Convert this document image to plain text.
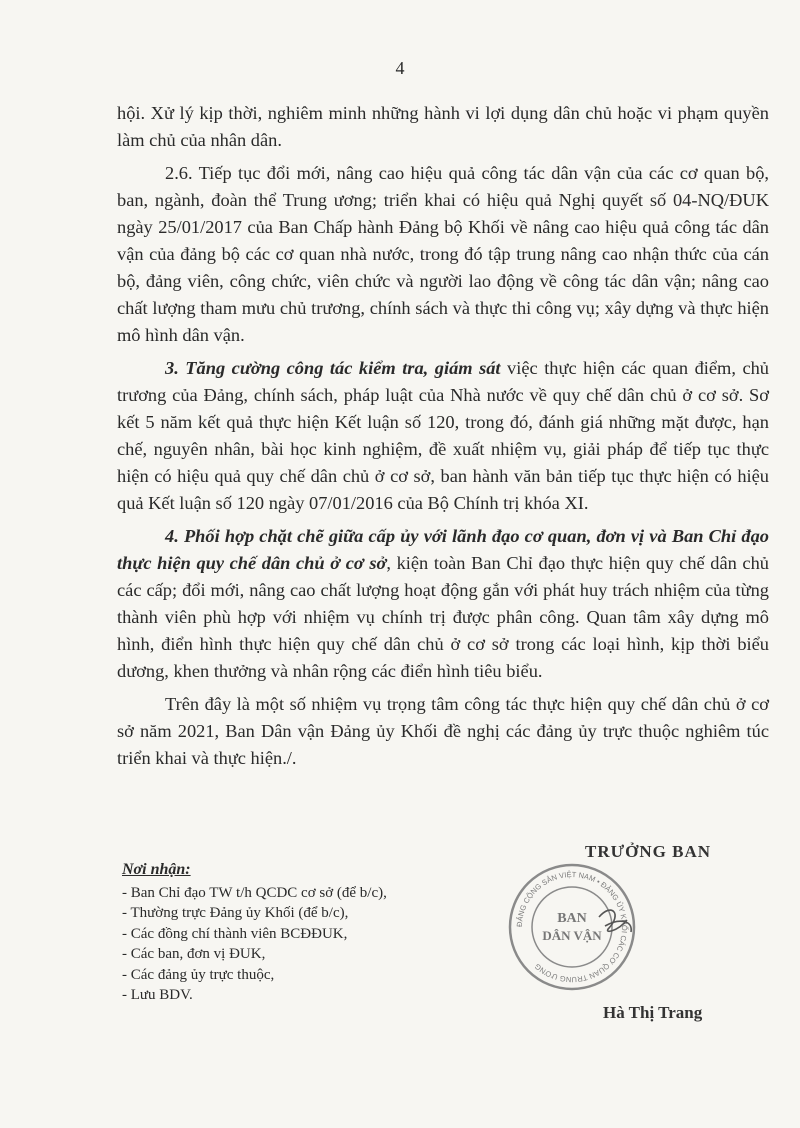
4

hội. Xử lý kịp thời, nghiêm minh những hành vi lợi dụng dân chủ hoặc vi phạm quyền làm chủ của nhân dân.

2.6. Tiếp tục đổi mới, nâng cao hiệu quả công tác dân vận của các cơ quan bộ, ban, ngành, đoàn thể Trung ương; triển khai có hiệu quả Nghị quyết số 04-NQ/ĐUK ngày 25/01/2017 của Ban Chấp hành Đảng bộ Khối về nâng cao hiệu quả công tác dân vận của đảng bộ các cơ quan nhà nước, trong đó tập trung nâng cao nhận thức của cán bộ, đảng viên, công chức, viên chức và người lao động về công tác dân vận; nâng cao chất lượng tham mưu chủ trương, chính sách và thực thi công vụ; xây dựng và thực hiện mô hình dân vận.

3. Tăng cường công tác kiểm tra, giám sát việc thực hiện các quan điểm, chủ trương của Đảng, chính sách, pháp luật của Nhà nước về quy chế dân chủ ở cơ sở. Sơ kết 5 năm kết quả thực hiện Kết luận số 120, trong đó, đánh giá những mặt được, hạn chế, nguyên nhân, bài học kinh nghiệm, đề xuất nhiệm vụ, giải pháp để tiếp tục thực hiện có hiệu quả quy chế dân chủ ở cơ sở, ban hành văn bản tiếp tục thực hiện có hiệu quả Kết luận số 120 ngày 07/01/2016 của Bộ Chính trị khóa XI.

4. Phối hợp chặt chẽ giữa cấp ủy với lãnh đạo cơ quan, đơn vị và Ban Chỉ đạo thực hiện quy chế dân chủ ở cơ sở, kiện toàn Ban Chỉ đạo thực hiện quy chế dân chủ các cấp; đổi mới, nâng cao chất lượng hoạt động gắn với phát huy trách nhiệm của từng thành viên phù hợp với nhiệm vụ chính trị được phân công. Quan tâm xây dựng mô hình, điển hình thực hiện quy chế dân chủ ở cơ sở trong các loại hình, kịp thời biểu dương, khen thưởng và nhân rộng các điển hình tiêu biểu.

Trên đây là một số nhiệm vụ trọng tâm công tác thực hiện quy chế dân chủ ở cơ sở năm 2021, Ban Dân vận Đảng ủy Khối đề nghị các đảng ủy trực thuộc nghiêm túc triển khai và thực hiện./.

TRƯỞNG BAN
Nơi nhận:
- Ban Chỉ đạo TW t/h QCDC cơ sở (để b/c),
- Thường trực Đảng ủy Khối (để b/c),
- Các đồng chí thành viên BCĐĐUK,
- Các ban, đơn vị ĐUK,
- Các đảng ủy trực thuộc,
- Lưu BDV.
ĐẢNG CỘNG SẢN VIỆT NAM • ĐẢNG ỦY KHỐI CÁC CƠ QUAN TRUNG ƯƠNG
BAN
DÂN VẬN
Hà Thị Trang
